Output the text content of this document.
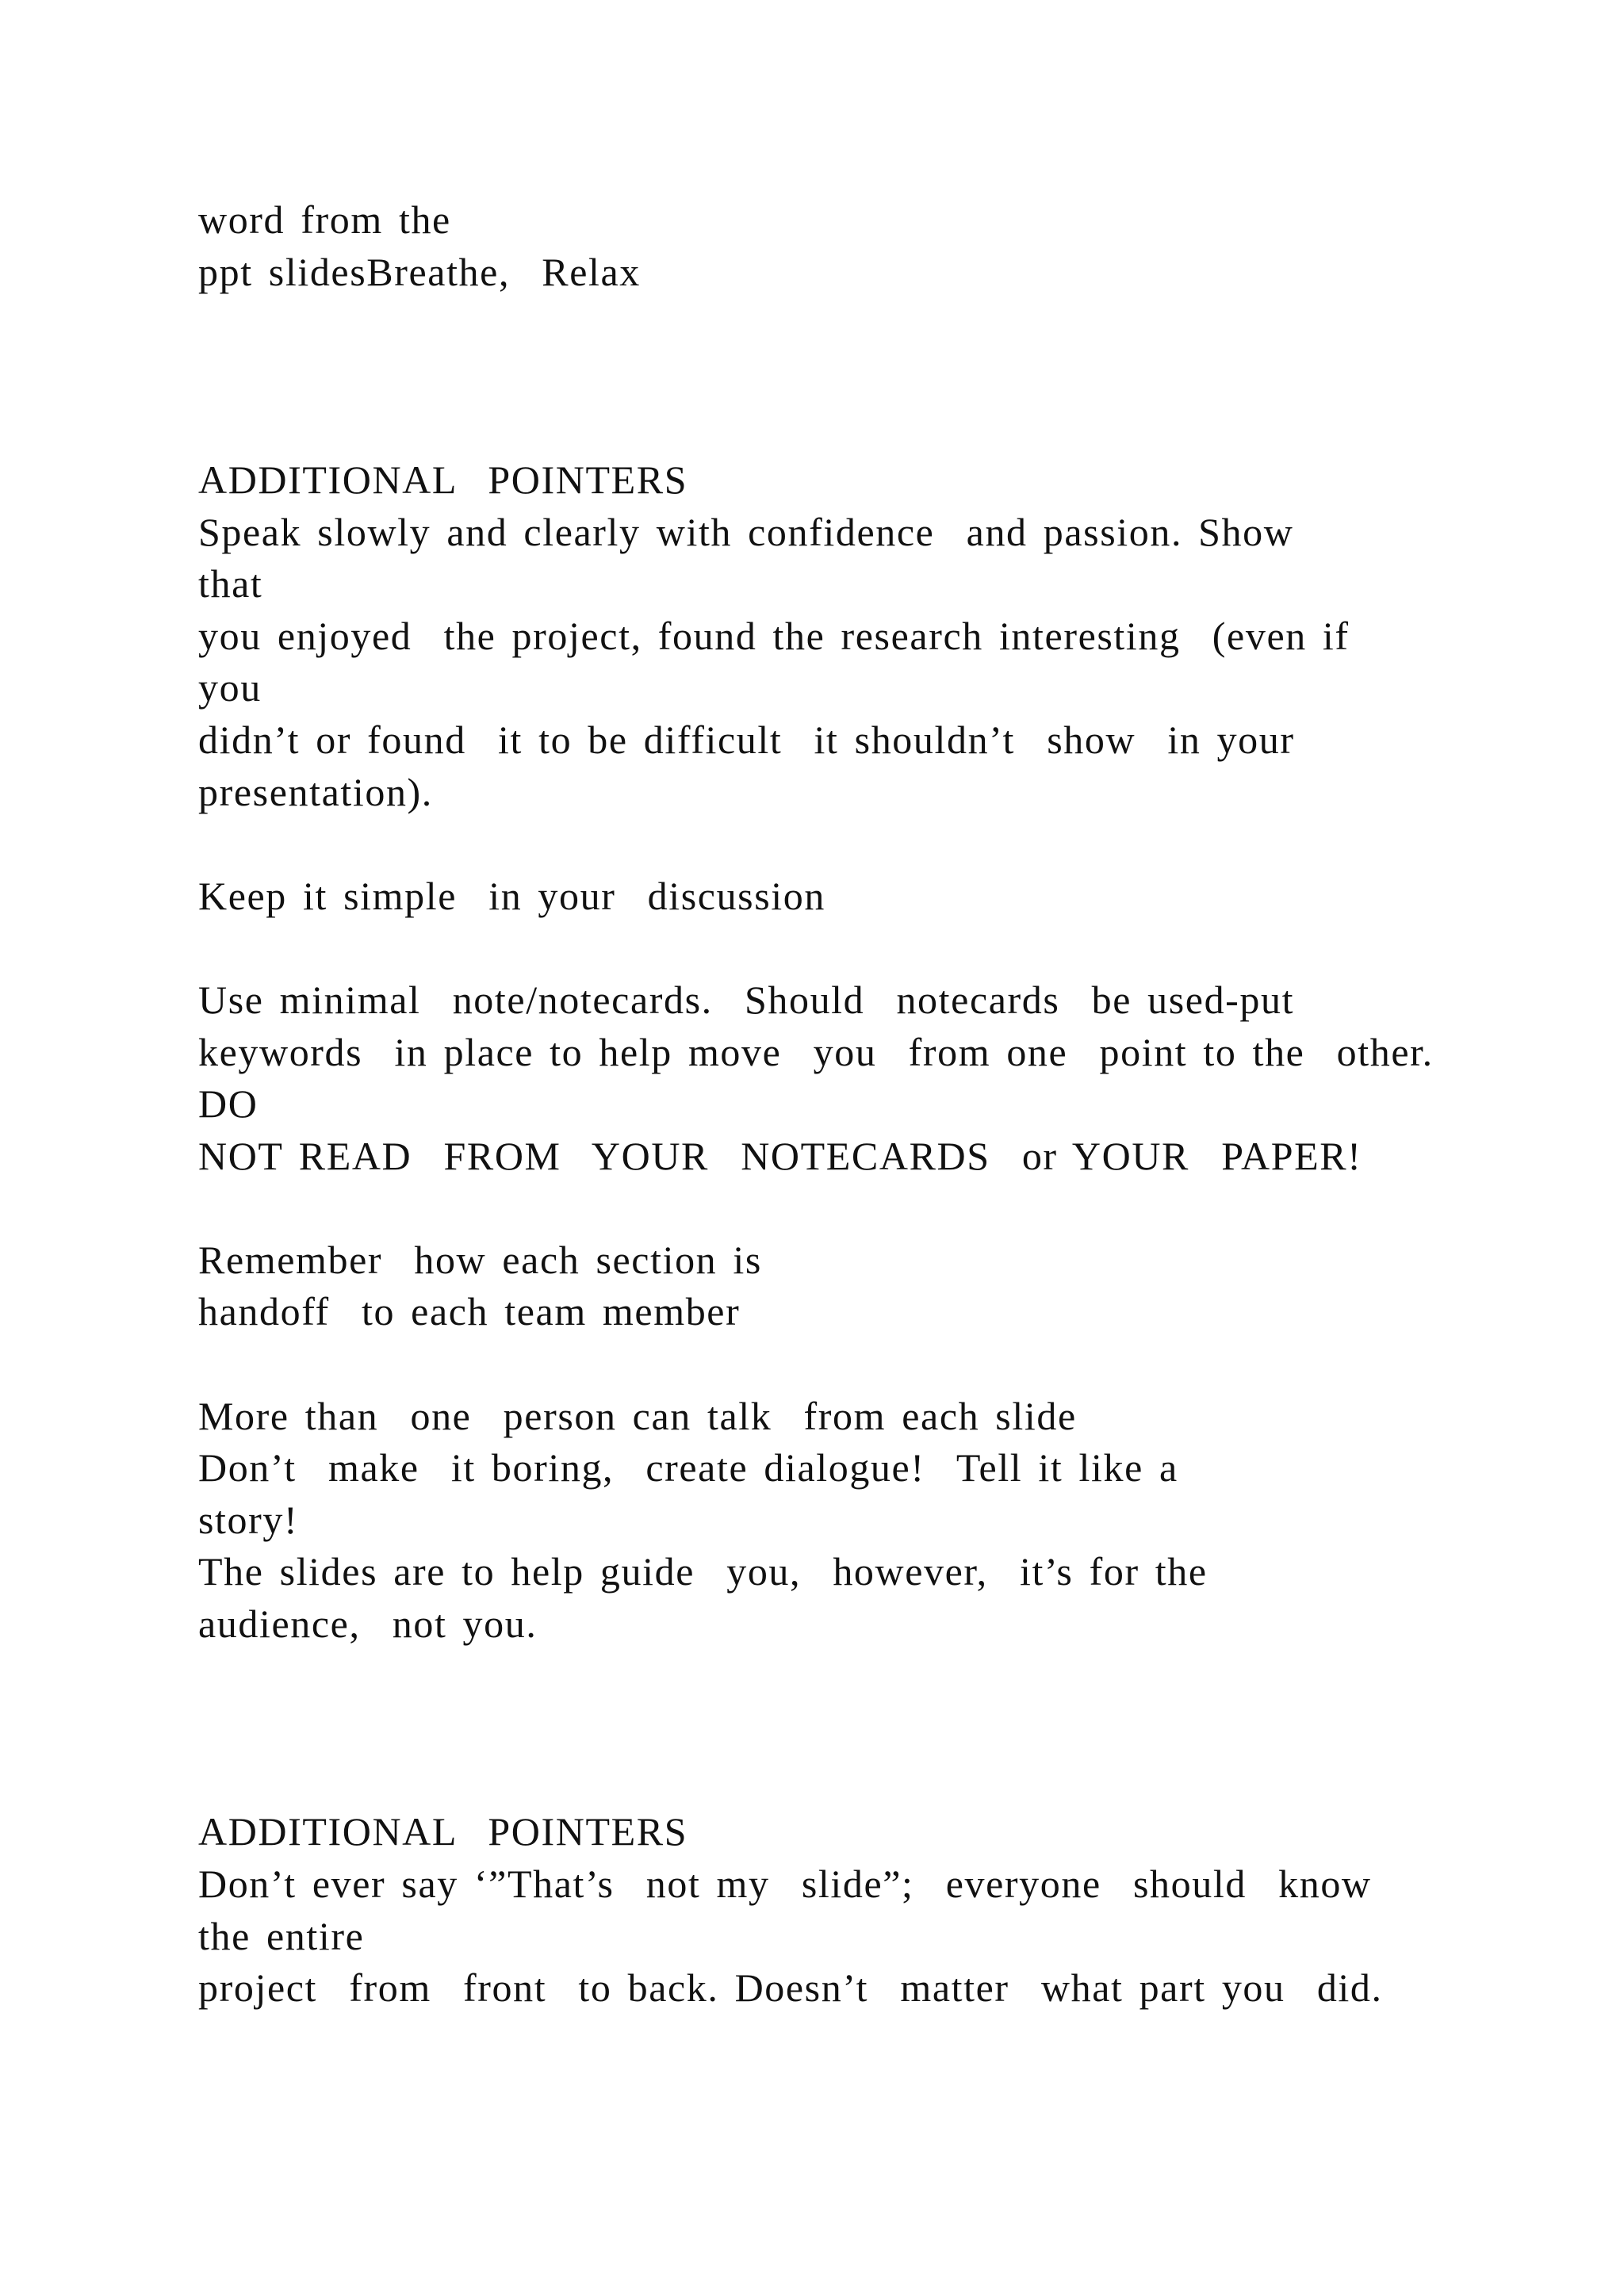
word from the
ppt slidesBreathe,  Relax
ADDITIONAL  POINTERS
Speak slowly and clearly with confidence  and passion. Show
that
you enjoyed  the project, found the research interesting  (even if
you
didn’t or found  it to be difficult  it shouldn’t  show  in your
presentation).
Keep it simple  in your  discussion
Use minimal  note/notecards.  Should  notecards  be used-put
keywords  in place to help move  you  from one  point to the  other.
DO
NOT READ  FROM  YOUR  NOTECARDS  or YOUR  PAPER!
Remember  how each section is
handoff  to each team member
More than  one  person can talk  from each slide
Don’t  make  it boring,  create dialogue!  Tell it like a
story!
The slides are to help guide  you,  however,  it’s for the
audience,  not you.
ADDITIONAL  POINTERS
Don’t ever say ‘”That’s  not my  slide”;  everyone  should  know
the entire
project  from  front  to back. Doesn’t  matter  what part you  did.
